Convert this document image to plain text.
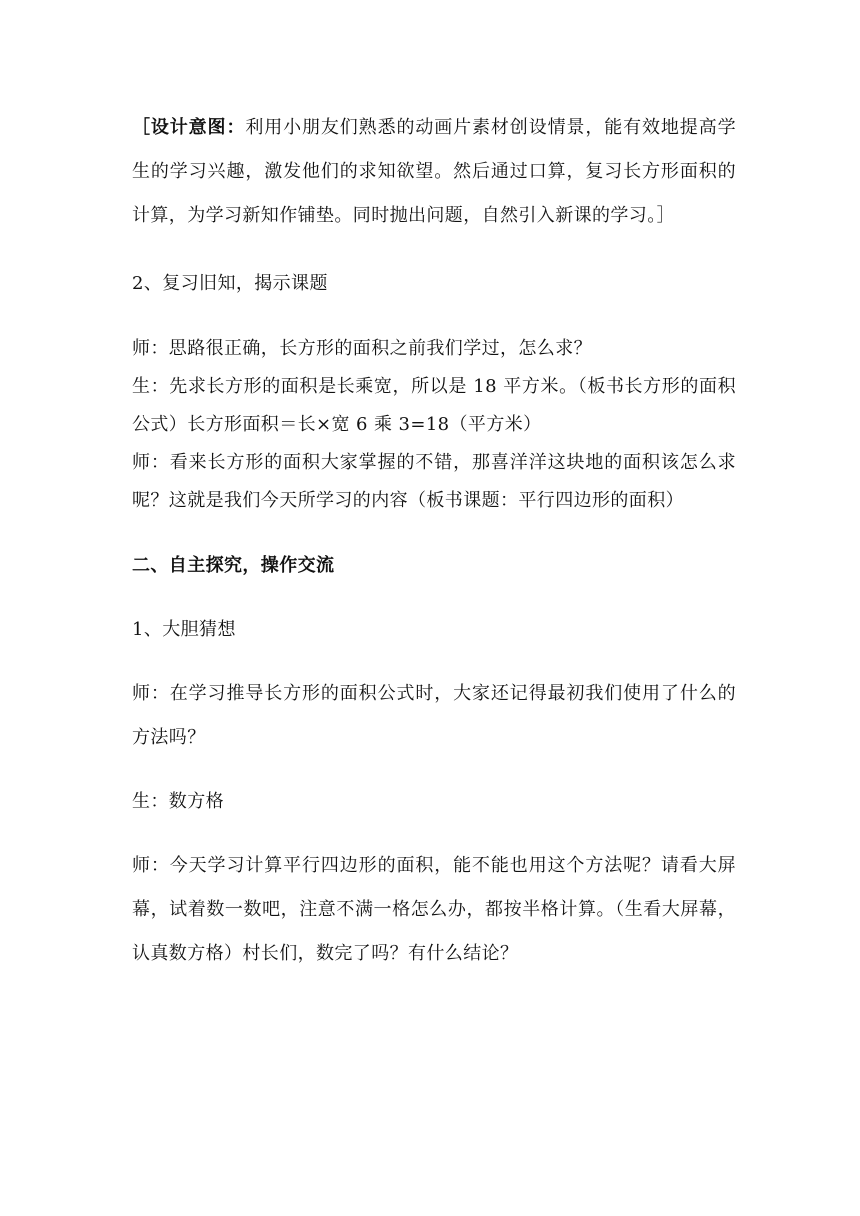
［设计意图：利用小朋友们熟悉的动画片素材创设情景，能有效地提高学生的学习兴趣，激发他们的求知欲望。然后通过口算，复习长方形面积的计算，为学习新知作铺垫。同时抛出问题，自然引入新课的学习。］

2、复习旧知，揭示课题

师：思路很正确，长方形的面积之前我们学过，怎么求？

生：先求长方形的面积是长乘宽，所以是 18 平方米。（板书长方形的面积公式）长方形面积＝长×宽 6 乘 3=18（平方米）

师：看来长方形的面积大家掌握的不错，那喜洋洋这块地的面积该怎么求呢？这就是我们今天所学习的内容（板书课题：平行四边形的面积）

二、自主探究，操作交流

1、大胆猜想

师：在学习推导长方形的面积公式时，大家还记得最初我们使用了什么的方法吗？

生：数方格

师：今天学习计算平行四边形的面积，能不能也用这个方法呢？请看大屏幕，试着数一数吧，注意不满一格怎么办，都按半格计算。（生看大屏幕，认真数方格）村长们，数完了吗？有什么结论？
